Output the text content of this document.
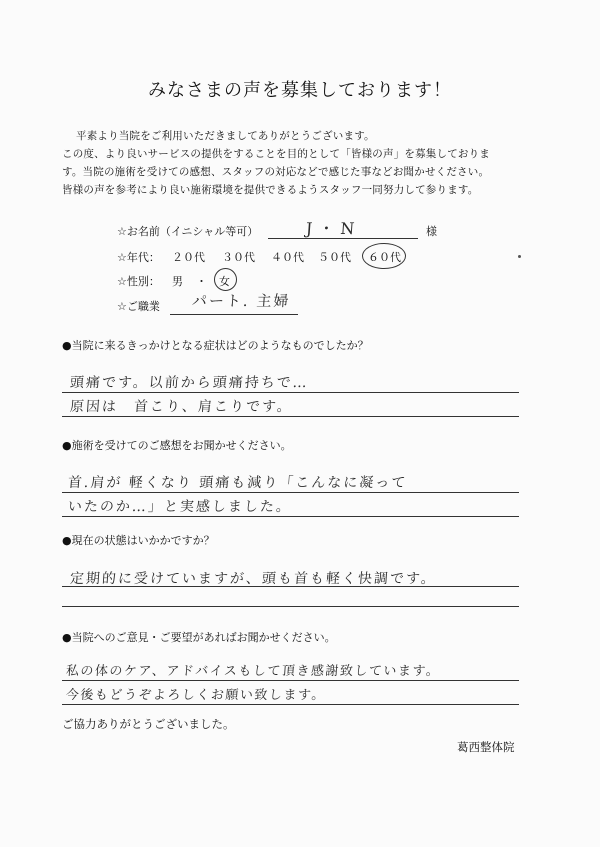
みなさまの声を募集しております！
平素より当院をご利用いただきましてありがとうございます。
この度、より良いサービスの提供をすることを目的として「皆様の声」を募集しておりま
す。当院の施術を受けての感想、スタッフの対応などで感じた事などお聞かせください。
皆様の声を参考により良い施術環境を提供できるようスタッフ一同努力して参ります。
☆お名前（イニシャル等可）	J・N	様
☆年代： ２０代 ３０代 ４０代 ５０代 ６０代
☆性別： 男 ・ 女
☆ご職業 パート. 主婦
●当院に来るきっかけとなる症状はどのようなものでしたか？
頭痛です。以前から頭痛持ちで…
原因は　首こり、肩こりです。
●施術を受けてのご感想をお聞かせください。
首.肩が 軽くなり 頭痛も減り「こんなに凝って
いたのか…」と実感しました。
●現在の状態はいかかですか？
定期的に受けていますが、頭も首も軽く快調です。
●当院へのご意見・ご要望があればお聞かせください。
私の体のケア、アドバイスもして頂き感謝致しています。
今後もどうぞよろしくお願い致します。
ご協力ありがとうございました。
葛西整体院
